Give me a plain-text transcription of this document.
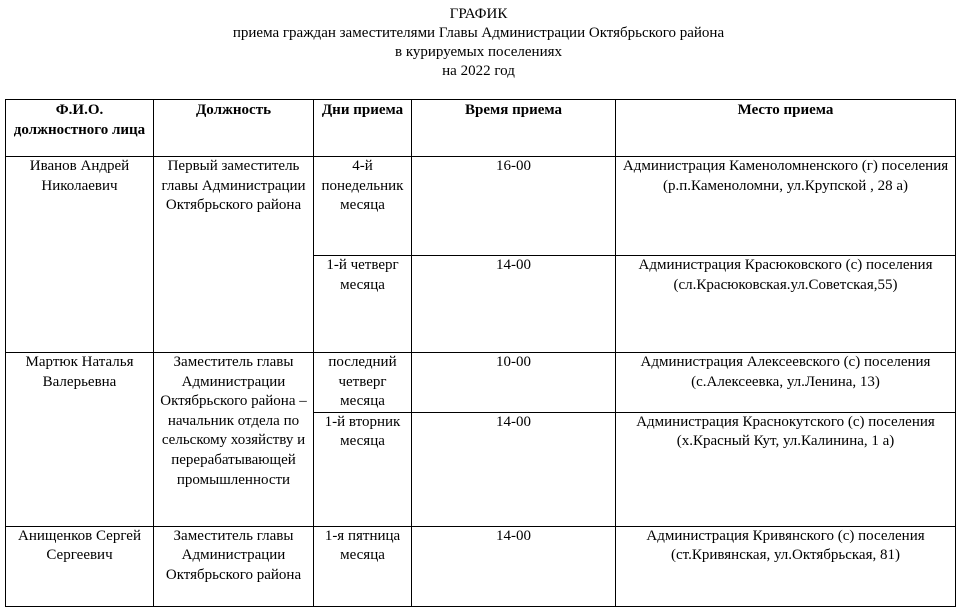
ГРАФИК
приема граждан заместителями Главы Администрации Октябрьского района
в курируемых поселениях
на 2022 год
Ф.И.О. должностного лица	Должность	Дни приема	Время приема	Место приема

Иванов Андрей Николаевич	Первый заместитель главы Администрации Октябрьского района	4-й понедельник месяца	16-00	Администрация Каменоломненского (г) поселения
(р.п.Каменоломни, ул.Крупской , 28 а)

		1-й четверг месяца	14-00	Администрация Красюковского (с) поселения
(сл.Красюковская.ул.Советская,55)

Мартюк Наталья Валерьевна	Заместитель главы Администрации Октябрьского района – начальник отдела по сельскому хозяйству и перерабатывающей промышленности	последний четверг месяца	10-00	Администрация Алексеевского (с) поселения
(с.Алексеевка, ул.Ленина, 13)

		1-й вторник месяца	14-00	Администрация Краснокутского (с) поселения
(х.Красный Кут, ул.Калинина, 1 а)

Анищенков Сергей Сергеевич	Заместитель главы Администрации Октябрьского района	1-я пятница месяца	14-00	Администрация Кривянского (с) поселения
(ст.Кривянская, ул.Октябрьская, 81)
